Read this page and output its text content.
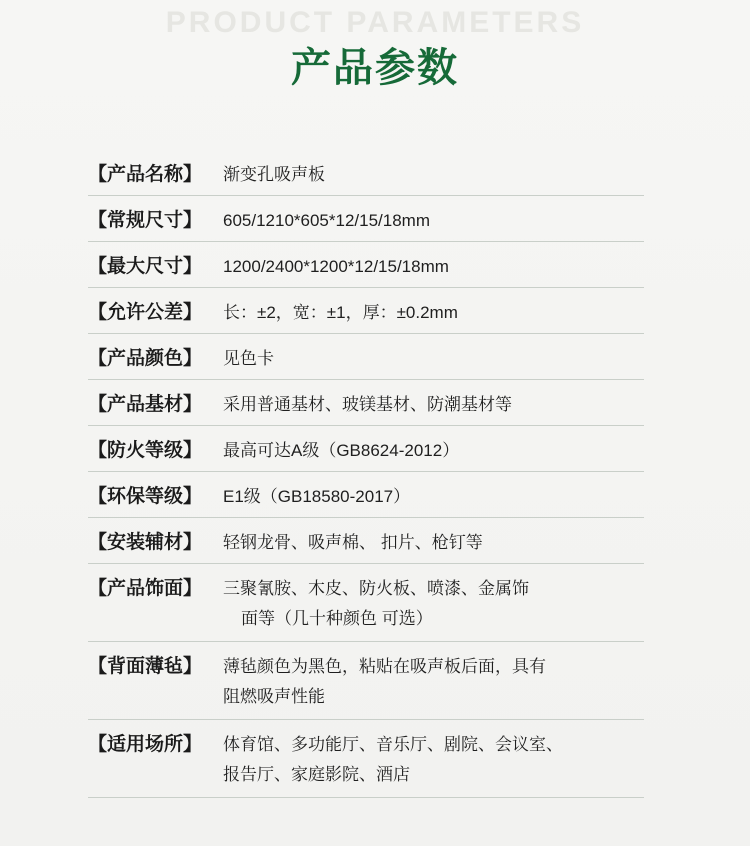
PRODUCT PARAMETERS
产品参数
【产品名称】	渐变孔吸声板
【常规尺寸】	605/1210*605*12/15/18mm
【最大尺寸】	1200/2400*1200*12/15/18mm
【允许公差】	长：±2，宽：±1，厚：±0.2mm
【产品颜色】	见色卡
【产品基材】	采用普通基材、玻镁基材、防潮基材等
【防火等级】	最高可达A级（GB8624-2012）
【环保等级】	E1级（GB18580-2017）
【安装辅材】	轻钢龙骨、吸声棉、 扣片、枪钉等
【产品饰面】	三聚氰胺、木皮、防火板、喷漆、金属饰
面等（几十种颜色 可选）
【背面薄毡】	薄毡颜色为黑色，粘贴在吸声板后面，具有
阻燃吸声性能
【适用场所】	体育馆、多功能厅、音乐厅、剧院、会议室、
报告厅、家庭影院、酒店
